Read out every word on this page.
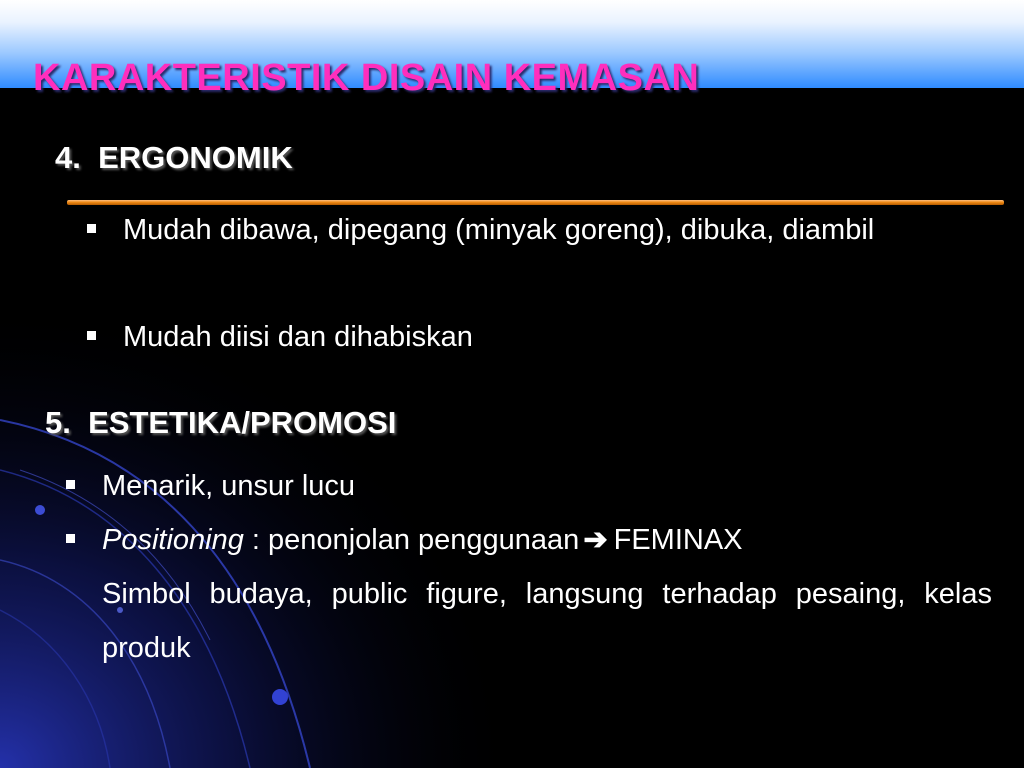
KARAKTERISTIK DISAIN KEMASAN
4. ERGONOMIK
Mudah dibawa, dipegang (minyak goreng), dibuka, diambil
Mudah diisi dan dihabiskan
5. ESTETIKA/PROMOSI
Menarik, unsur lucu
Positioning : penonjolan penggunaan ➔ FEMINAX
Simbol budaya, public figure, langsung terhadap pesaing, kelas produk
